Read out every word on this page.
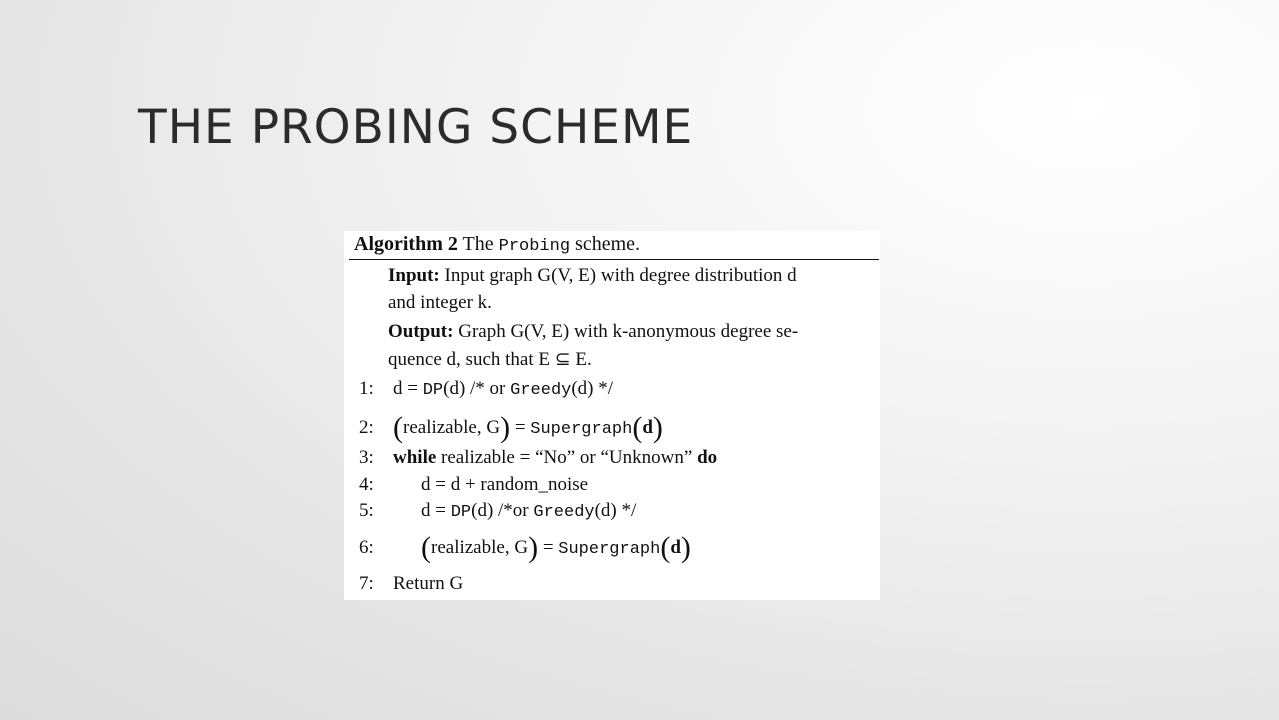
THE PROBING SCHEME
Algorithm 2 The Probing scheme.
Input: Input graph G(V, E) with degree distribution d
and integer k.
Output: Graph G(V, E) with k-anonymous degree se-
quence d, such that E ⊆ E.
1: d = DP(d) /* or Greedy(d) */
2: (realizable, G) = Supergraph(d)
3: while realizable = “No” or “Unknown” do
4: d = d + random_noise
5: d = DP(d) /*or Greedy(d) */
6: (realizable, G) = Supergraph(d)
7: Return G
